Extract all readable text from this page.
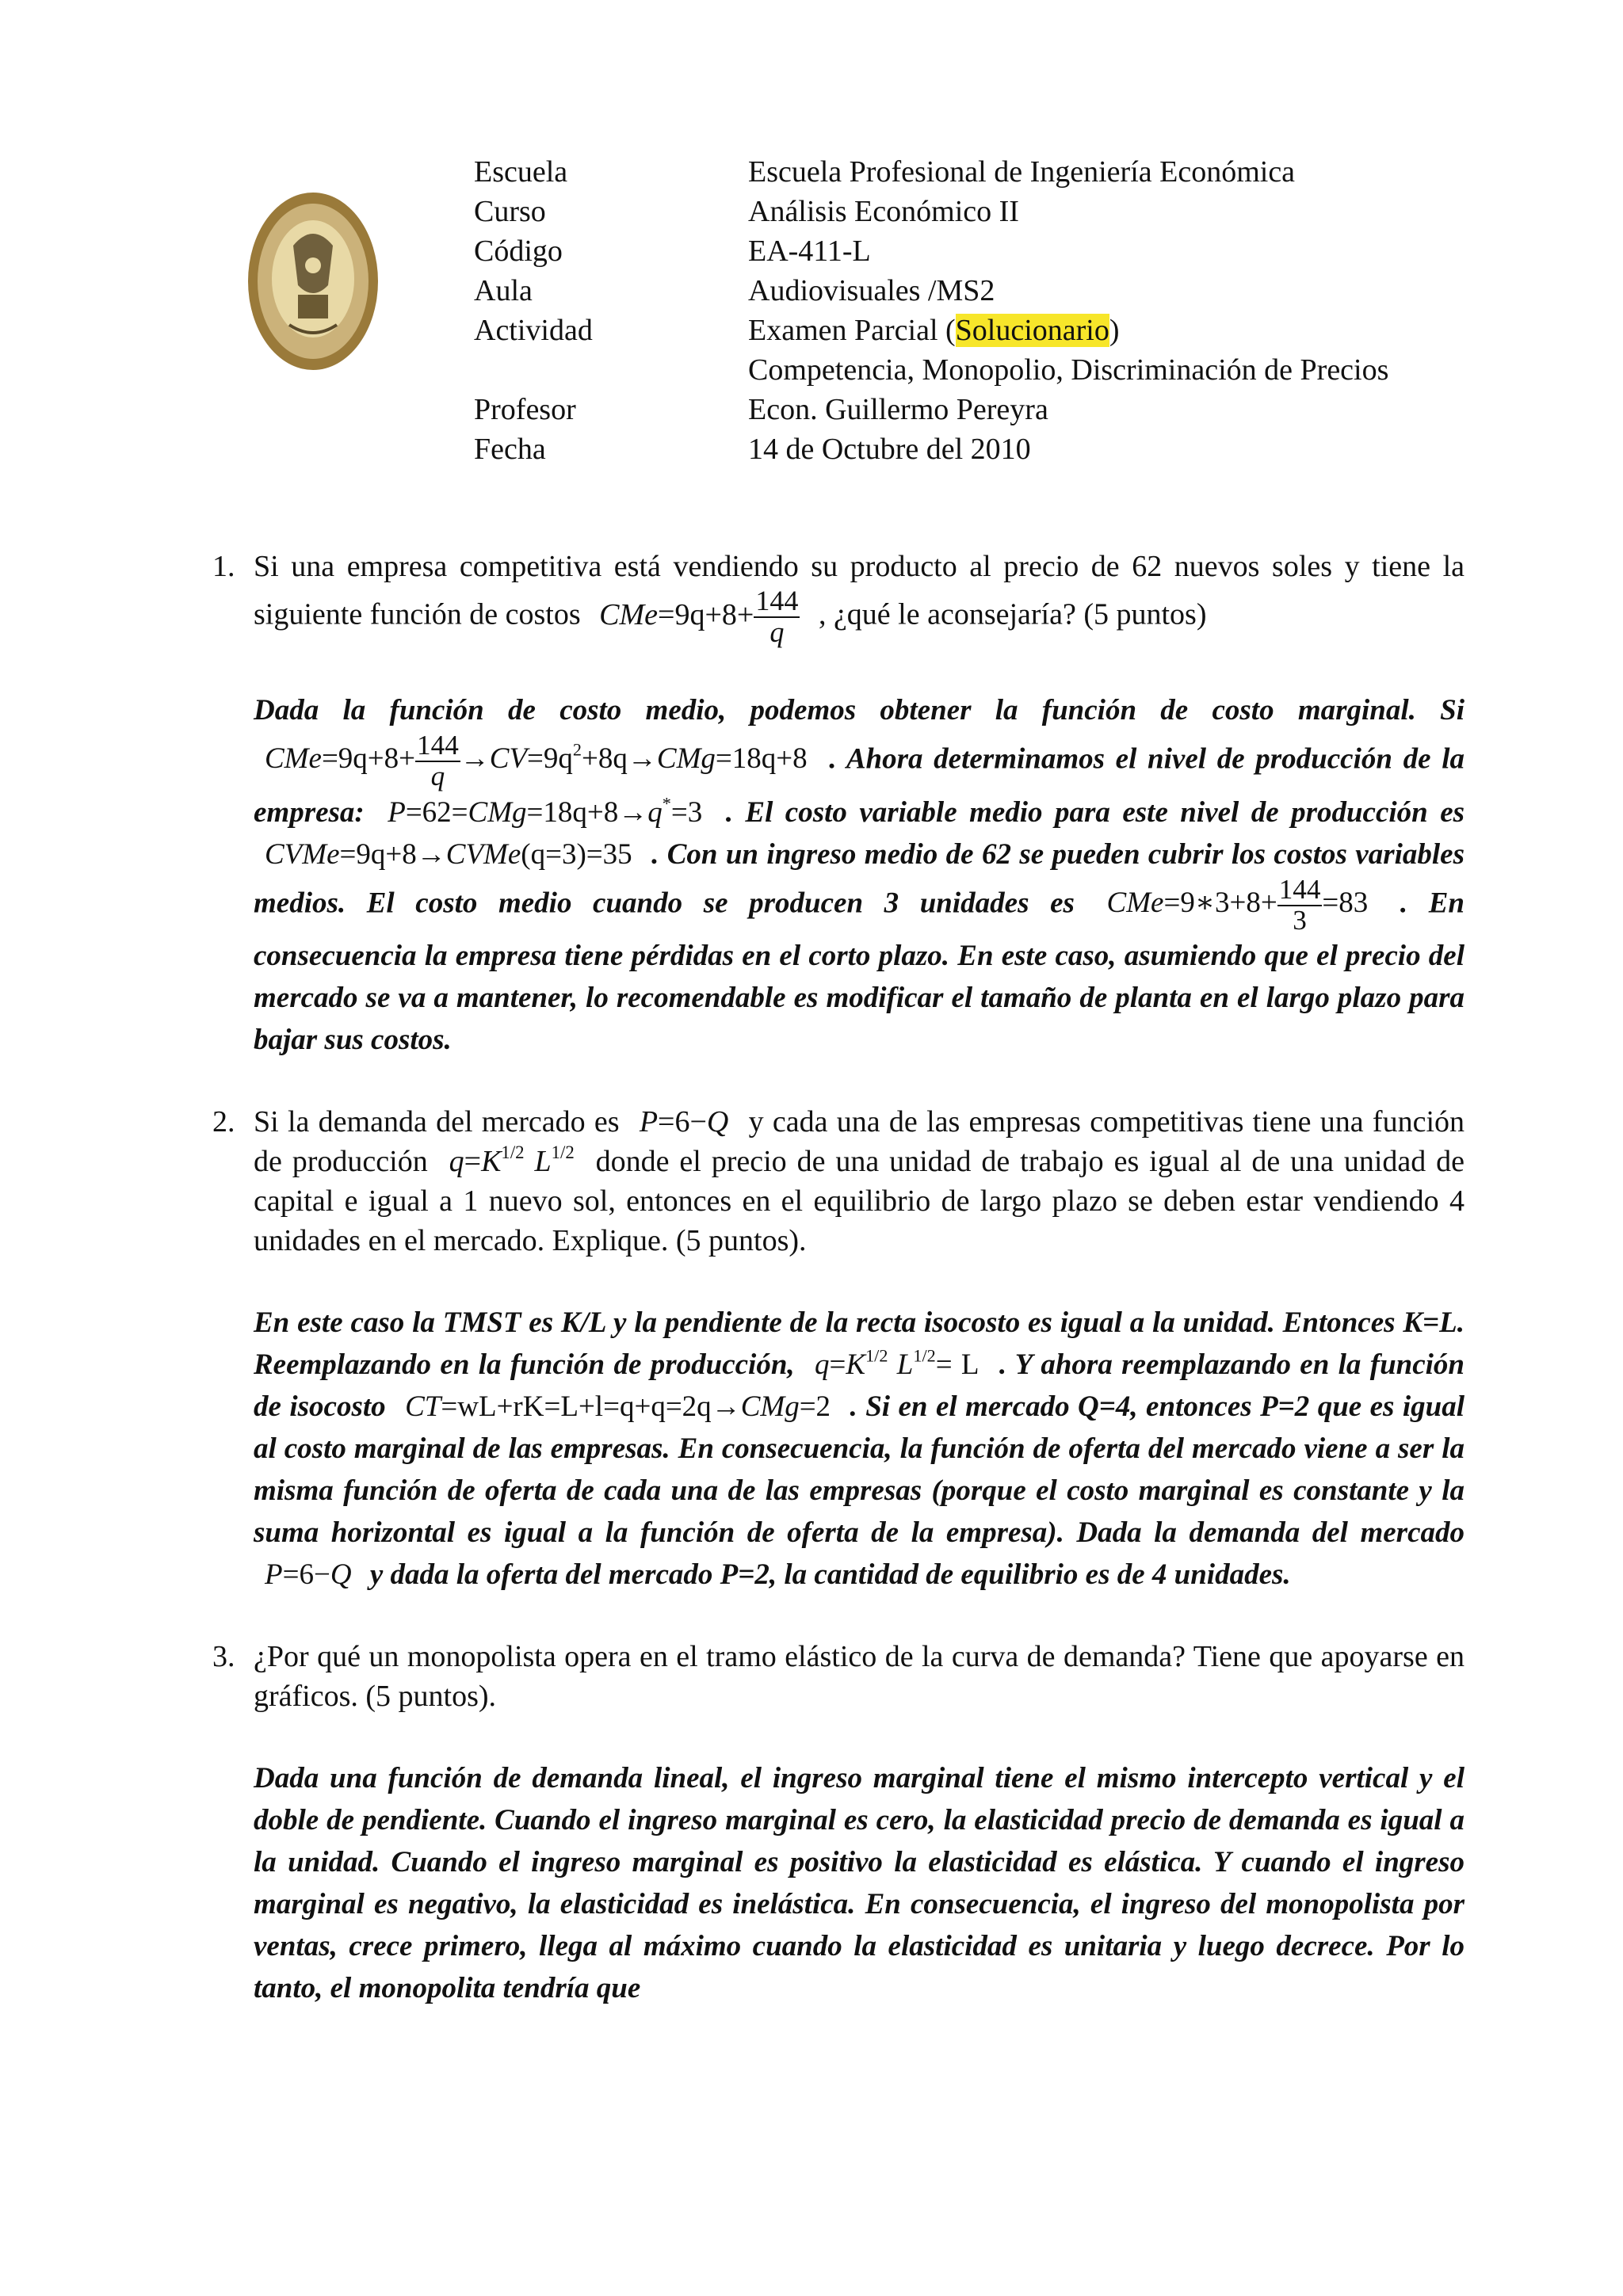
Escuela	Escuela Profesional de Ingeniería Económica
Curso	Análisis Económico II
Código	EA-411-L
Aula	Audiovisuales /MS2
Actividad	Examen Parcial (Solucionario)
Competencia, Monopolio, Discriminación de Precios
Profesor	Econ. Guillermo Pereyra
Fecha	14 de Octubre del 2010
1. Si una empresa competitiva está vendiendo su producto al precio de 62 nuevos soles y tiene la siguiente función de costos $CMe=9q+8+ \frac{144}{q}$ , ¿qué le aconsejaría? (5 puntos)
Dada la función de costo medio, podemos obtener la función de costo marginal. Si $CMe=9q+8+ \frac{144}{q} \to CV=9q^2+8q\to CMg=18q+8$ . Ahora determinamos el nivel de producción de la empresa: P=62=CMg=18q+8→q*=3 . El costo variable medio para este nivel de producción es CVMe=9q+8→CVMe(q=3)=35 . Con un ingreso medio de 62 se pueden cubrir los costos variables medios. El costo medio cuando se producen 3 unidades es CMe=9∗3+8+ $\frac{144}{3} =83$ . En consecuencia la empresa tiene pérdidas en el corto plazo. En este caso, asumiendo que el precio del mercado se va a mantener, lo recomendable es modificar el tamaño de planta en el largo plazo para bajar sus costos.
2. Si la demanda del mercado es P=6−Q y cada una de las empresas competitivas tiene una función de producción $q=K^{1/2}$ $L^{1/2}$ donde el precio de una unidad de trabajo es igual al de una unidad de capital e igual a 1 nuevo sol, entonces en el equilibrio de largo plazo se deben estar vendiendo 4 unidades en el mercado. Explique. (5 puntos).
En este caso la TMST es K/L y la pendiente de la recta isocosto es igual a la unidad. Entonces K=L. Reemplazando en la función de producción, $q=K^{1/2}$ $L^{1/2}= L$ . Y ahora reemplazando en la función de isocosto CT=wL+rK=L+l=q+q=2q→CMg=2 . Si en el mercado Q=4, entonces P=2 que es igual al costo marginal de las empresas. En consecuencia, la función de oferta del mercado viene a ser la misma función de oferta de cada una de las empresas (porque el costo marginal es constante y la suma horizontal es igual a la función de oferta de la empresa). Dada la demanda del mercado P=6−Q y dada la oferta del mercado P=2, la cantidad de equilibrio es de 4 unidades.
3. ¿Por qué un monopolista opera en el tramo elástico de la curva de demanda? Tiene que apoyarse en gráficos. (5 puntos).
Dada una función de demanda lineal, el ingreso marginal tiene el mismo intercepto vertical y el doble de pendiente. Cuando el ingreso marginal es cero, la elasticidad precio de demanda es igual a la unidad. Cuando el ingreso marginal es positivo la elasticidad es elástica. Y cuando el ingreso marginal es negativo, la elasticidad es inelástica. En consecuencia, el ingreso del monopolista por ventas, crece primero, llega al máximo cuando la elasticidad es unitaria y luego decrece. Por lo tanto, el monopolita tendría que
